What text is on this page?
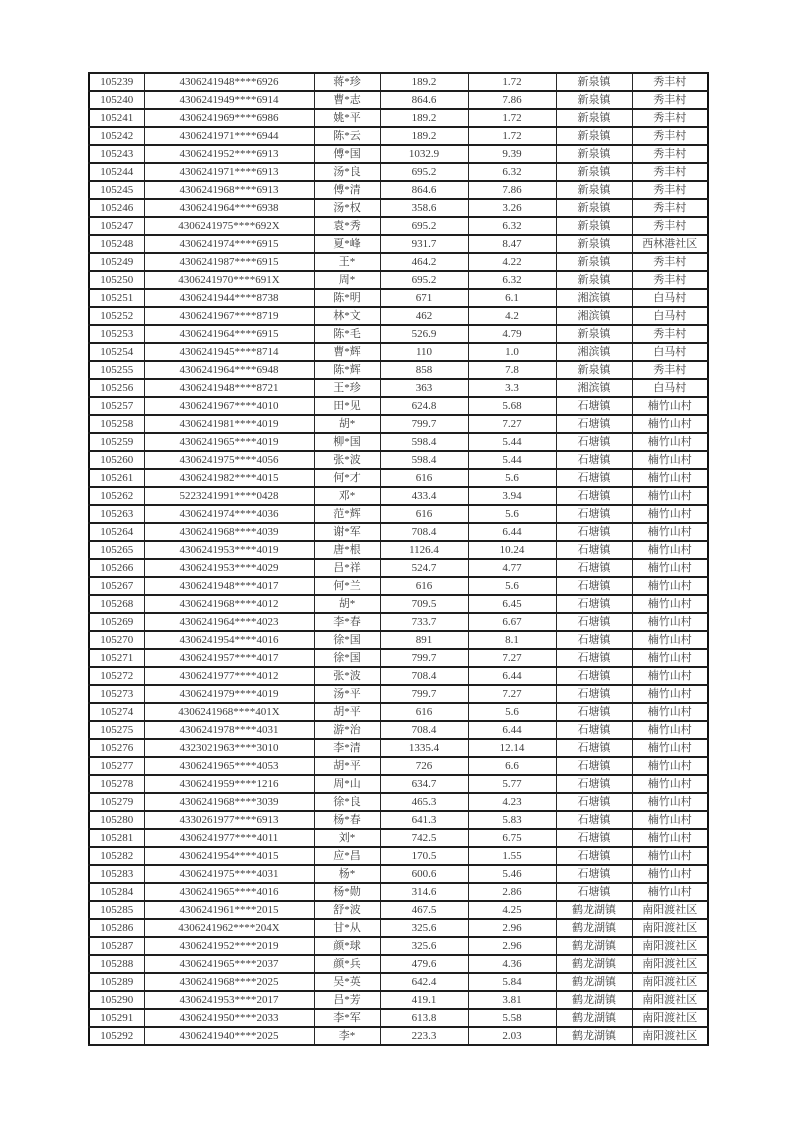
105239	4306241948****6926	蒋*珍	189.2	1.72	新泉镇	秀丰村
105240	4306241949****6914	曹*志	864.6	7.86	新泉镇	秀丰村
105241	4306241969****6986	姚*平	189.2	1.72	新泉镇	秀丰村
105242	4306241971****6944	陈*云	189.2	1.72	新泉镇	秀丰村
105243	4306241952****6913	傅*国	1032.9	9.39	新泉镇	秀丰村
105244	4306241971****6913	汤*良	695.2	6.32	新泉镇	秀丰村
105245	4306241968****6913	傅*清	864.6	7.86	新泉镇	秀丰村
105246	4306241964****6938	汤*权	358.6	3.26	新泉镇	秀丰村
105247	4306241975****692X	袁*秀	695.2	6.32	新泉镇	秀丰村
105248	4306241974****6915	夏*峰	931.7	8.47	新泉镇	西林港社区
105249	4306241987****6915	王*	464.2	4.22	新泉镇	秀丰村
105250	4306241970****691X	周*	695.2	6.32	新泉镇	秀丰村
105251	4306241944****8738	陈*明	671	6.1	湘滨镇	白马村
105252	4306241967****8719	林*文	462	4.2	湘滨镇	白马村
105253	4306241964****6915	陈*毛	526.9	4.79	新泉镇	秀丰村
105254	4306241945****8714	曹*辉	110	1.0	湘滨镇	白马村
105255	4306241964****6948	陈*辉	858	7.8	新泉镇	秀丰村
105256	4306241948****8721	王*珍	363	3.3	湘滨镇	白马村
105257	4306241967****4010	田*见	624.8	5.68	石塘镇	楠竹山村
105258	4306241981****4019	胡*	799.7	7.27	石塘镇	楠竹山村
105259	4306241965****4019	柳*国	598.4	5.44	石塘镇	楠竹山村
105260	4306241975****4056	张*波	598.4	5.44	石塘镇	楠竹山村
105261	4306241982****4015	何*才	616	5.6	石塘镇	楠竹山村
105262	5223241991****0428	邓*	433.4	3.94	石塘镇	楠竹山村
105263	4306241974****4036	范*辉	616	5.6	石塘镇	楠竹山村
105264	4306241968****4039	谢*军	708.4	6.44	石塘镇	楠竹山村
105265	4306241953****4019	唐*根	1126.4	10.24	石塘镇	楠竹山村
105266	4306241953****4029	吕*祥	524.7	4.77	石塘镇	楠竹山村
105267	4306241948****4017	何*兰	616	5.6	石塘镇	楠竹山村
105268	4306241968****4012	胡*	709.5	6.45	石塘镇	楠竹山村
105269	4306241964****4023	李*春	733.7	6.67	石塘镇	楠竹山村
105270	4306241954****4016	徐*国	891	8.1	石塘镇	楠竹山村
105271	4306241957****4017	徐*国	799.7	7.27	石塘镇	楠竹山村
105272	4306241977****4012	张*波	708.4	6.44	石塘镇	楠竹山村
105273	4306241979****4019	汤*平	799.7	7.27	石塘镇	楠竹山村
105274	4306241968****401X	胡*平	616	5.6	石塘镇	楠竹山村
105275	4306241978****4031	游*治	708.4	6.44	石塘镇	楠竹山村
105276	4323021963****3010	李*清	1335.4	12.14	石塘镇	楠竹山村
105277	4306241965****4053	胡*平	726	6.6	石塘镇	楠竹山村
105278	4306241959****1216	周*山	634.7	5.77	石塘镇	楠竹山村
105279	4306241968****3039	徐*良	465.3	4.23	石塘镇	楠竹山村
105280	4330261977****6913	杨*春	641.3	5.83	石塘镇	楠竹山村
105281	4306241977****4011	刘*	742.5	6.75	石塘镇	楠竹山村
105282	4306241954****4015	应*昌	170.5	1.55	石塘镇	楠竹山村
105283	4306241975****4031	杨*	600.6	5.46	石塘镇	楠竹山村
105284	4306241965****4016	杨*勋	314.6	2.86	石塘镇	楠竹山村
105285	4306241961****2015	舒*波	467.5	4.25	鹤龙湖镇	南阳渡社区
105286	4306241962****204X	甘*从	325.6	2.96	鹤龙湖镇	南阳渡社区
105287	4306241952****2019	颜*球	325.6	2.96	鹤龙湖镇	南阳渡社区
105288	4306241965****2037	颜*兵	479.6	4.36	鹤龙湖镇	南阳渡社区
105289	4306241968****2025	吴*英	642.4	5.84	鹤龙湖镇	南阳渡社区
105290	4306241953****2017	吕*芳	419.1	3.81	鹤龙湖镇	南阳渡社区
105291	4306241950****2033	李*军	613.8	5.58	鹤龙湖镇	南阳渡社区
105292	4306241940****2025	李*	223.3	2.03	鹤龙湖镇	南阳渡社区
